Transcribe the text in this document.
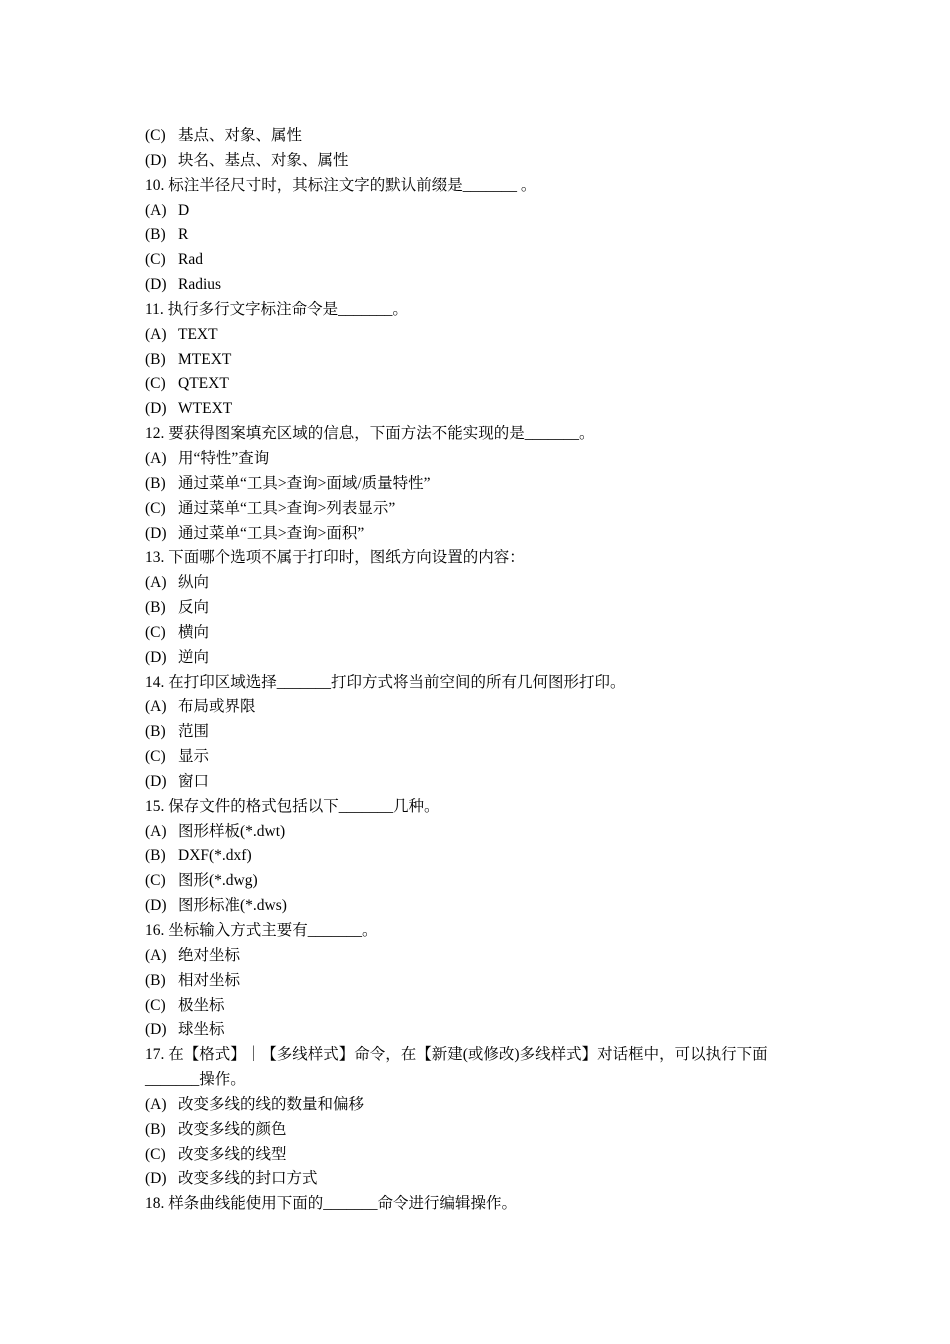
(C) 基点、对象、属性
(D) 块名、基点、对象、属性
10. 标注半径尺寸时，其标注文字的默认前缀是_______ 。
(A) D
(B) R
(C) Rad
(D) Radius
11. 执行多行文字标注命令是_______。
(A) TEXT
(B) MTEXT
(C) QTEXT
(D) WTEXT
12. 要获得图案填充区域的信息，下面方法不能实现的是_______。
(A) 用“特性”查询
(B) 通过菜单“工具>查询>面域/质量特性”
(C) 通过菜单“工具>查询>列表显示”
(D) 通过菜单“工具>查询>面积”
13. 下面哪个选项不属于打印时，图纸方向设置的内容：
(A) 纵向
(B) 反向
(C) 横向
(D) 逆向
14. 在打印区域选择_______打印方式将当前空间的所有几何图形打印。
(A) 布局或界限
(B) 范围
(C) 显示
(D) 窗口
15. 保存文件的格式包括以下_______几种。
(A) 图形样板(*.dwt)
(B) DXF(*.dxf)
(C) 图形(*.dwg)
(D) 图形标准(*.dws)
16. 坐标输入方式主要有_______。
(A) 绝对坐标
(B) 相对坐标
(C) 极坐标
(D) 球坐标
17. 在【格式】｜【多线样式】命令，在【新建(或修改)多线样式】对话框中，可以执行下面_______操作。
(A) 改变多线的线的数量和偏移
(B) 改变多线的颜色
(C) 改变多线的线型
(D) 改变多线的封口方式
18. 样条曲线能使用下面的_______命令进行编辑操作。
